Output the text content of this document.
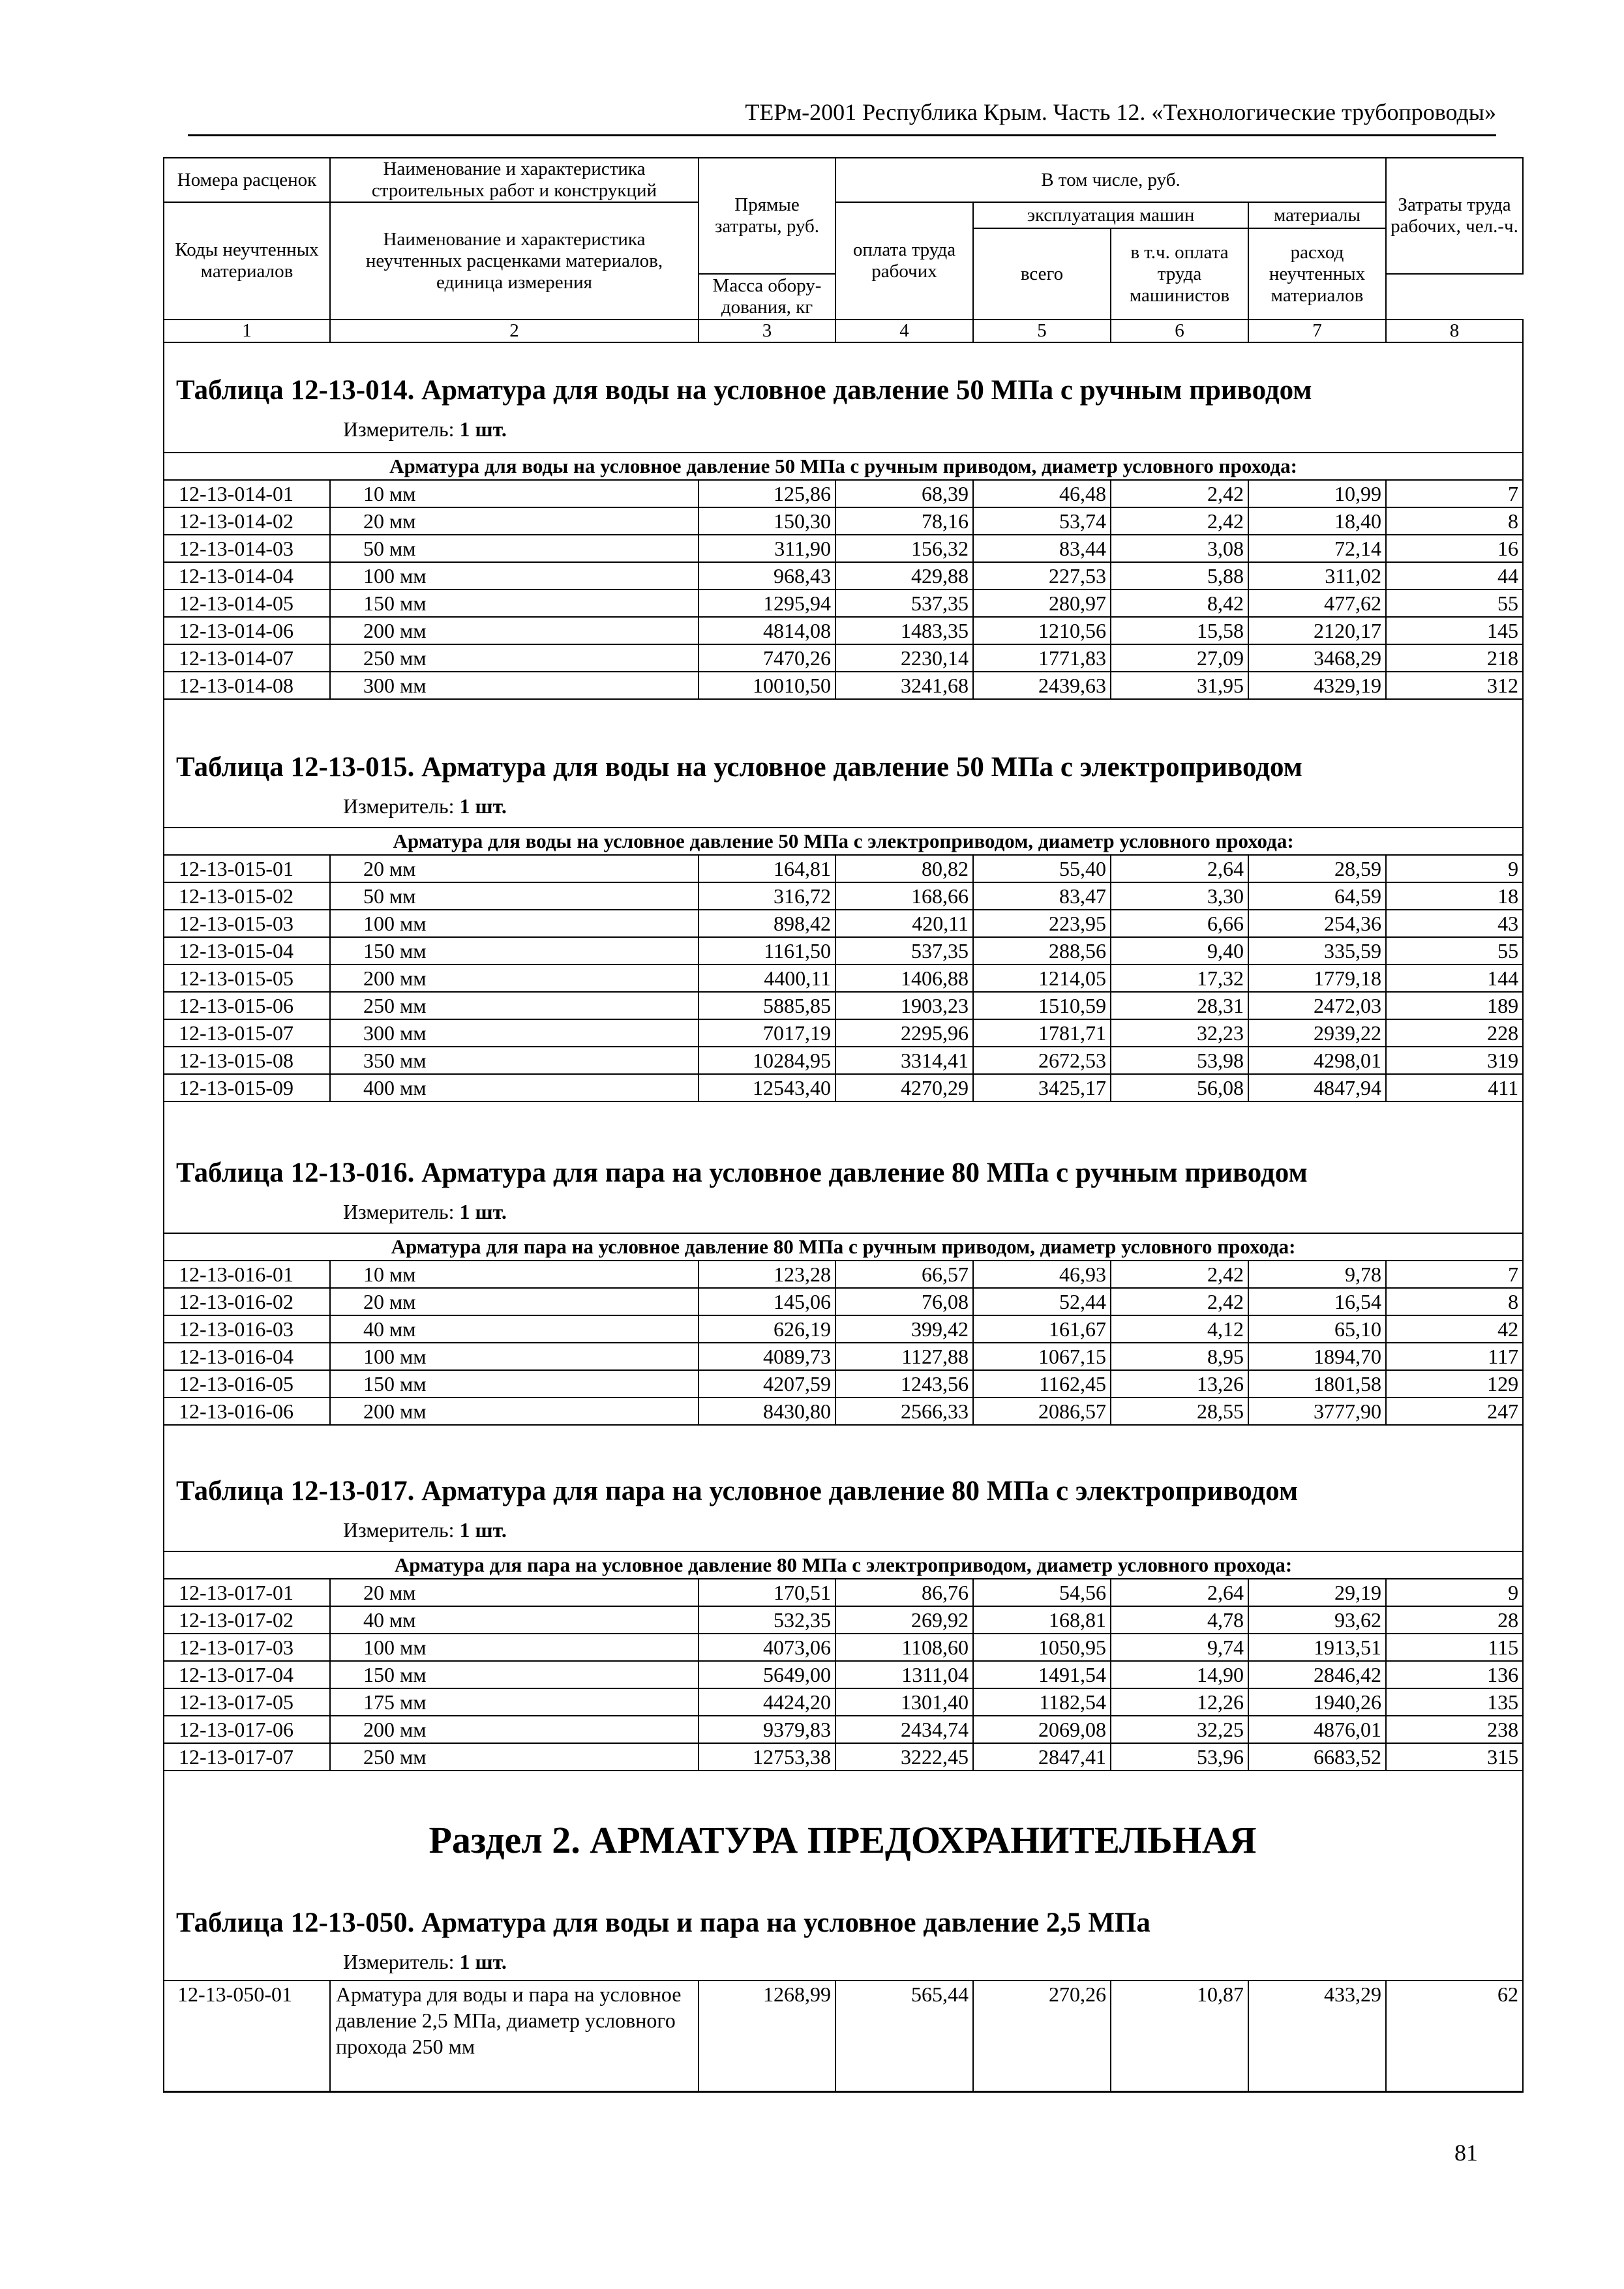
ТЕРм-2001 Республика Крым. Часть 12. «Технологические трубопроводы»
Номера расценок	Наименование и характеристика строительных работ и конструкций	Прямые затраты, руб.	В том числе, руб.				Затраты труда рабочих, чел.-ч.
Коды неучтенных материалов	Наименование и характеристика неучтенных расценками материалов, единица измерения		оплата труда рабочих	эксплуатация машин		материалы	
				всего	в т.ч. оплата труда машинистов	расход неучтенных материалов	
		Масса обору-дования, кг					
1	2	3	4	5	6	7	8
Таблица 12-13-014. Арматура для воды на условное давление 50 МПа с ручным приводом
Измеритель: 1 шт.
Арматура для воды на условное давление 50 МПа с ручным приводом, диаметр условного прохода:							
12-13-014-01	10 мм	125,86	68,39	46,48	2,42	10,99	7
12-13-014-02	20 мм	150,30	78,16	53,74	2,42	18,40	8
12-13-014-03	50 мм	311,90	156,32	83,44	3,08	72,14	16
12-13-014-04	100 мм	968,43	429,88	227,53	5,88	311,02	44
12-13-014-05	150 мм	1295,94	537,35	280,97	8,42	477,62	55
12-13-014-06	200 мм	4814,08	1483,35	1210,56	15,58	2120,17	145
12-13-014-07	250 мм	7470,26	2230,14	1771,83	27,09	3468,29	218
12-13-014-08	300 мм	10010,50	3241,68	2439,63	31,95	4329,19	312
Таблица 12-13-015. Арматура для воды на условное давление 50 МПа с электроприводом
Измеритель: 1 шт.
Арматура для воды на условное давление 50 МПа с электроприводом, диаметр условного прохода:							
12-13-015-01	20 мм	164,81	80,82	55,40	2,64	28,59	9
12-13-015-02	50 мм	316,72	168,66	83,47	3,30	64,59	18
12-13-015-03	100 мм	898,42	420,11	223,95	6,66	254,36	43
12-13-015-04	150 мм	1161,50	537,35	288,56	9,40	335,59	55
12-13-015-05	200 мм	4400,11	1406,88	1214,05	17,32	1779,18	144
12-13-015-06	250 мм	5885,85	1903,23	1510,59	28,31	2472,03	189
12-13-015-07	300 мм	7017,19	2295,96	1781,71	32,23	2939,22	228
12-13-015-08	350 мм	10284,95	3314,41	2672,53	53,98	4298,01	319
12-13-015-09	400 мм	12543,40	4270,29	3425,17	56,08	4847,94	411
Таблица 12-13-016. Арматура для пара на условное давление 80 МПа с ручным приводом
Измеритель: 1 шт.
Арматура для пара на условное давление 80 МПа с ручным приводом, диаметр условного прохода:							
12-13-016-01	10 мм	123,28	66,57	46,93	2,42	9,78	7
12-13-016-02	20 мм	145,06	76,08	52,44	2,42	16,54	8
12-13-016-03	40 мм	626,19	399,42	161,67	4,12	65,10	42
12-13-016-04	100 мм	4089,73	1127,88	1067,15	8,95	1894,70	117
12-13-016-05	150 мм	4207,59	1243,56	1162,45	13,26	1801,58	129
12-13-016-06	200 мм	8430,80	2566,33	2086,57	28,55	3777,90	247
Таблица 12-13-017. Арматура для пара на условное давление 80 МПа с электроприводом
Измеритель: 1 шт.
Арматура для пара на условное давление 80 МПа с электроприводом, диаметр условного прохода:							
12-13-017-01	20 мм	170,51	86,76	54,56	2,64	29,19	9
12-13-017-02	40 мм	532,35	269,92	168,81	4,78	93,62	28
12-13-017-03	100 мм	4073,06	1108,60	1050,95	9,74	1913,51	115
12-13-017-04	150 мм	5649,00	1311,04	1491,54	14,90	2846,42	136
12-13-017-05	175 мм	4424,20	1301,40	1182,54	12,26	1940,26	135
12-13-017-06	200 мм	9379,83	2434,74	2069,08	32,25	4876,01	238
12-13-017-07	250 мм	12753,38	3222,45	2847,41	53,96	6683,52	315
Раздел 2. АРМАТУРА ПРЕДОХРАНИТЕЛЬНАЯ
Таблица 12-13-050. Арматура для воды и пара на условное давление 2,5 МПа
Измеритель: 1 шт.
12-13-050-01	Арматура для воды и пара на условное давление 2,5 МПа, диаметр условного прохода 250 мм	1268,99	565,44	270,26	10,87	433,29	62
81
